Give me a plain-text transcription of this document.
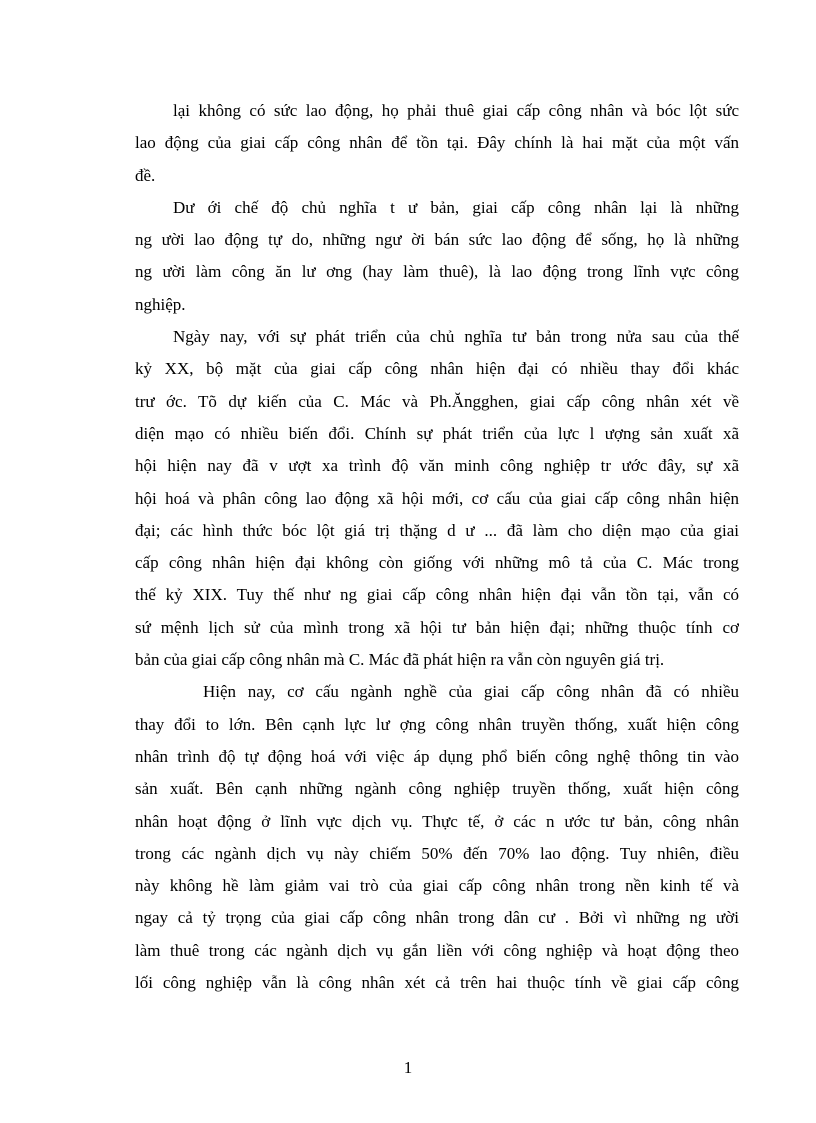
lại không có sức lao động, họ phải thuê giai cấp công nhân và bóc lột sức
lao động của giai cấp công nhân để tồn tại. Đây chính là hai mặt của một vấn
đề.
Dư ới chế độ chủ nghĩa t ư bản, giai cấp công nhân lại là những
ng ười lao động tự do, những ngư ời bán sức lao động để sống, họ là những
ng ười làm công ăn lư ơng (hay làm thuê), là lao động trong lĩnh vực công
nghiệp.
Ngày nay, với sự phát triển của chủ nghĩa tư bản trong nửa sau của thế
kỷ XX, bộ mặt của giai cấp công nhân hiện đại có nhiều thay đổi khác
trư ớc. Tõ dự kiến của C. Mác và Ph.Ăngghen, giai cấp công nhân xét về
diện mạo có nhiều biến đổi. Chính sự phát triển của lực l ượng sản xuất xã
hội hiện nay đã v ượt xa trình độ văn minh công nghiệp tr ước đây, sự xã
hội hoá và phân công lao động xã hội mới, cơ cấu của giai cấp công nhân hiện
đại; các hình thức bóc lột giá trị thặng d ư ... đã làm cho diện mạo của giai
cấp công nhân hiện đại không còn giống với những mô tả của C. Mác trong
thế kỷ XIX. Tuy thế như ng giai cấp công nhân hiện đại vẫn tồn tại, vẫn có
sứ mệnh lịch sử của mình trong xã hội tư bản hiện đại; những thuộc tính cơ
bản của giai cấp công nhân mà C. Mác đã phát hiện ra vẫn còn nguyên giá trị.
Hiện nay, cơ cấu ngành nghề của giai cấp công nhân đã có nhiều
thay đổi to lớn. Bên cạnh lực lư ợng công nhân truyền thống, xuất hiện công
nhân trình độ tự động hoá với việc áp dụng phổ biến công nghệ thông tin vào
sản xuất. Bên cạnh những ngành công nghiệp truyền thống, xuất hiện công
nhân hoạt động ở lĩnh vực dịch vụ. Thực tế, ở các n ước tư bản, công nhân
trong các ngành dịch vụ này chiếm 50% đến 70% lao động. Tuy nhiên, điều
này không hề làm giảm vai trò của giai cấp công nhân trong nền kinh tế và
ngay cả tỷ trọng của giai cấp công nhân trong dân cư . Bởi vì những ng ười
làm thuê trong các ngành dịch vụ gắn liền với công nghiệp và hoạt động theo
lối công nghiệp vẫn là công nhân xét cả trên hai thuộc tính về giai cấp công
1
